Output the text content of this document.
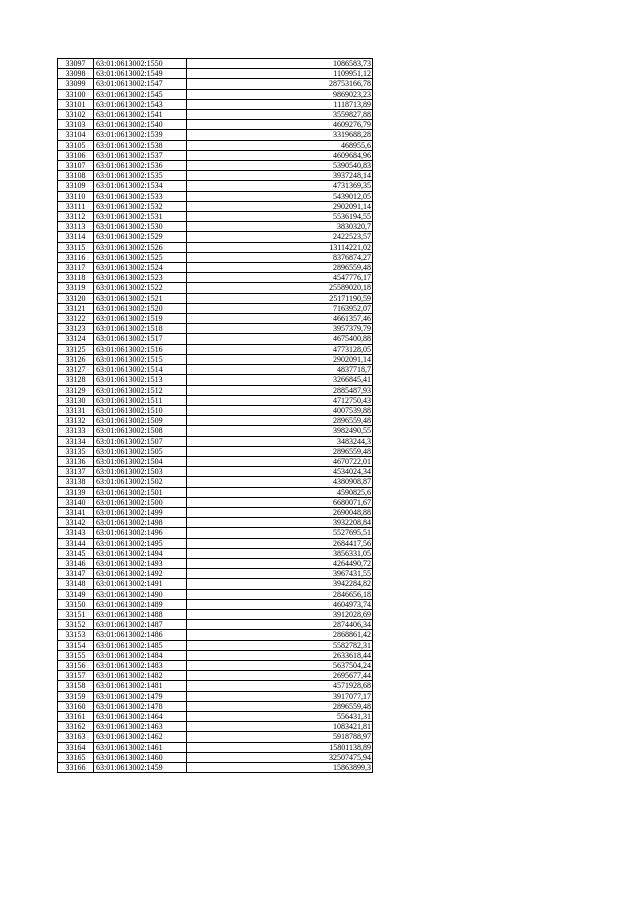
33097	63:01:0613002:1550	1086583,73
33098	63:01:0613002:1549	1109951,12
33099	63:01:0613002:1547	28753166,78
33100	63:01:0613002:1545	9869023,23
33101	63:01:0613002:1543	1118713,89
33102	63:01:0613002:1541	3559827,88
33103	63:01:0613002:1540	4609276,79
33104	63:01:0613002:1539	3319688,28
33105	63:01:0613002:1538	468955,6
33106	63:01:0613002:1537	4609684,96
33107	63:01:0613002:1536	5390540,83
33108	63:01:0613002:1535	3937248,14
33109	63:01:0613002:1534	4731369,35
33110	63:01:0613002:1533	5439012,05
33111	63:01:0613002:1532	2902091,14
33112	63:01:0613002:1531	5536194,55
33113	63:01:0613002:1530	3830320,7
33114	63:01:0613002:1529	2422523,57
33115	63:01:0613002:1526	13114221,02
33116	63:01:0613002:1525	8376874,27
33117	63:01:0613002:1524	2896559,48
33118	63:01:0613002:1523	4547776,17
33119	63:01:0613002:1522	25589020,18
33120	63:01:0613002:1521	25171190,59
33121	63:01:0613002:1520	7163952,07
33122	63:01:0613002:1519	4661357,46
33123	63:01:0613002:1518	3957379,79
33124	63:01:0613002:1517	4675400,88
33125	63:01:0613002:1516	4773128,05
33126	63:01:0613002:1515	2902091,14
33127	63:01:0613002:1514	4837718,7
33128	63:01:0613002:1513	3266845,41
33129	63:01:0613002:1512	2885487,93
33130	63:01:0613002:1511	4712750,43
33131	63:01:0613002:1510	4007539,88
33132	63:01:0613002:1509	2896559,48
33133	63:01:0613002:1508	3982490,55
33134	63:01:0613002:1507	3483244,3
33135	63:01:0613002:1505	2896559,48
33136	63:01:0613002:1504	4670722,01
33137	63:01:0613002:1503	4534024,34
33138	63:01:0613002:1502	4380908,87
33139	63:01:0613002:1501	4590825,6
33140	63:01:0613002:1500	6680071,67
33141	63:01:0613002:1499	2690048,88
33142	63:01:0613002:1498	3932208,84
33143	63:01:0613002:1496	5527695,51
33144	63:01:0613002:1495	2684417,56
33145	63:01:0613002:1494	3856331,05
33146	63:01:0613002:1493	4264490,72
33147	63:01:0613002:1492	3967431,55
33148	63:01:0613002:1491	3942284,82
33149	63:01:0613002:1490	2846656,18
33150	63:01:0613002:1489	4604973,74
33151	63:01:0613002:1488	3912028,69
33152	63:01:0613002:1487	2874406,34
33153	63:01:0613002:1486	2868861,42
33154	63:01:0613002:1485	5582782,31
33155	63:01:0613002:1484	2633618,44
33156	63:01:0613002:1483	5637504,24
33157	63:01:0613002:1482	2695677,44
33158	63:01:0613002:1481	4571928,68
33159	63:01:0613002:1479	3917077,17
33160	63:01:0613002:1478	2896559,48
33161	63:01:0613002:1464	556431,31
33162	63:01:0613002:1463	1083421,81
33163	63:01:0613002:1462	5918788,97
33164	63:01:0613002:1461	15801138,89
33165	63:01:0613002:1460	32507475,94
33166	63:01:0613002:1459	15863899,3
